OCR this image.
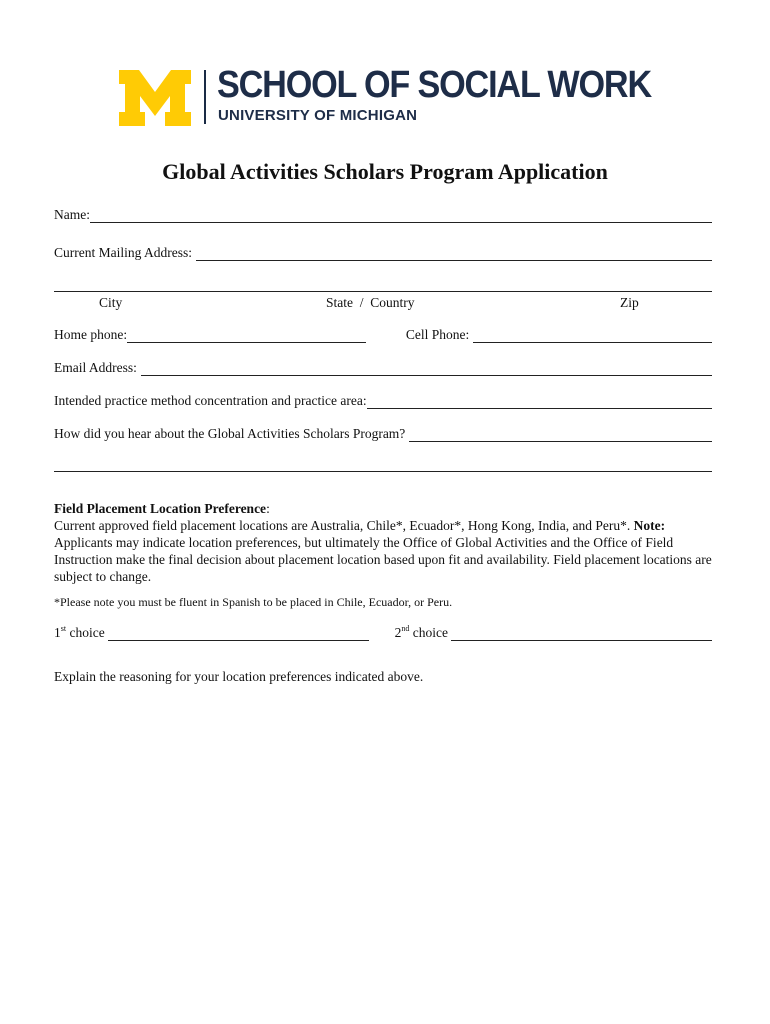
SCHOOL OF SOCIAL WORK
UNIVERSITY OF MICHIGAN
Global Activities Scholars Program Application
Name:
Current Mailing Address:
City	State  /  Country	Zip
Home phone:	Cell Phone:
Email Address:
Intended practice method concentration and practice area:
How did you hear about the Global Activities Scholars Program?
Field Placement Location Preference:
Current approved field placement locations are Australia, Chile*, Ecuador*, Hong Kong, India, and Peru*. Note: Applicants may indicate location preferences, but ultimately the Office of Global Activities and the Office of Field Instruction make the final decision about placement location based upon fit and availability. Field placement locations are subject to change.
*Please note you must be fluent in Spanish to be placed in Chile, Ecuador, or Peru.
1st choice	2nd choice
Explain the reasoning for your location preferences indicated above.
